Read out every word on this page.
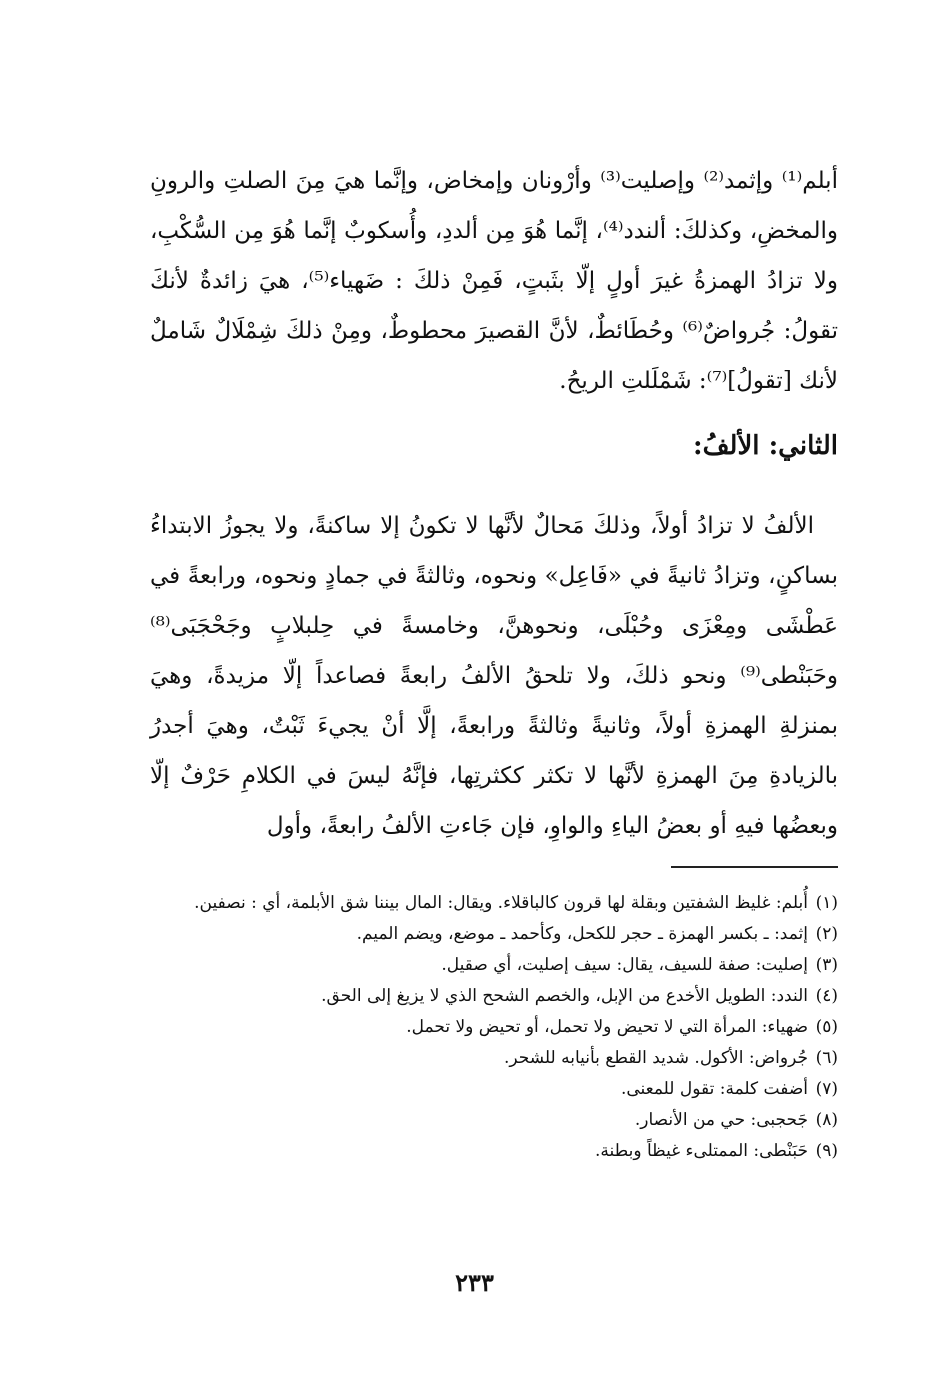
أبلم⁽¹⁾ وإثمد⁽²⁾ وإصليت⁽³⁾ وأرْونان وإمخاض، وإنَّما هيَ مِنَ الصلتِ والرونِ والمخضِ، وكذلكَ: ألندد⁽⁴⁾، إنَّما هُوَ مِن ألددِ، وأُسكوبٌ إنَّما هُوَ مِن السُّكْبِ، ولا تزادُ الهمزةُ غيرَ أولٍ إلّا بثَبتٍ، فَمِنْ ذلكَ : ضَهياء⁽⁵⁾، هيَ زائدةٌ لأنكَ تقولُ: جُرواضٌ⁽⁶⁾ وحُطَائطٌ، لأنَّ القصيرَ محطوطٌ، ومِنْ ذلكَ شِمْلَالٌ شَاملٌ لأنك [تقولُ]⁽⁷⁾: شَمْلَلتِ الريحُ.

الثاني: الألفُ:

الألفُ لا تزادُ أولاً، وذلكَ مَحالٌ لأنَّها لا تكونُ إلا ساكنةً، ولا يجوزُ الابتداءُ بساكنٍ، وتزادُ ثانيةً في «فَاعِل» ونحوه، وثالثةً في جمادٍ ونحوه، ورابعةً في عَطْشَى ومِعْزَى وحُبْلَى، ونحوهنَّ، وخامسةً في حِلبلابٍ وجَحْجَبَى⁽⁸⁾ وحَبَنْطى⁽⁹⁾ ونحو ذلكَ، ولا تلحقُ الألفُ رابعةً فصاعداً إلّا مزيدةً، وهيَ بمنزلةِ الهمزةِ أولاً، وثانيةً وثالثةً ورابعةً، إلَّا أنْ يجيءَ ثَبْتٌ، وهيَ أجدرُ بالزيادةِ مِنَ الهمزةِ لأنَّها لا تكثر ككثرتِها، فإنَّهُ ليسَ في الكلامِ حَرْفٌ إلّا وبعضُها فيهِ أو بعضُ الياءِ والواوِ، فإن جَاءتِ الألفُ رابعةً، وأول

(١)
أُبلم: غليظ الشفتين وبقلة لها قرون كالباقلاء. ويقال: المال بيننا شق الأبلمة، أي : نصفين.
(٢)
إثمد: ـ بكسر الهمزة ـ حجر للكحل، وكأحمد ـ موضع، ويضم الميم.
(٣)
إصليت: صفة للسيف، يقال: سيف إصليت، أي صقيل.
(٤)
الندد: الطويل الأخدع من الإبل، والخصم الشحح الذي لا يزيغ إلى الحق.
(٥)
ضهياء: المرأة التي لا تحيض ولا تحمل، أو تحيض ولا تحمل.
(٦)
جُرواض: الأكول. شديد القطع بأنيابه للشحر.
(٧)
أضفت كلمة: تقول للمعنى.
(٨)
جَحجبى: حي من الأنصار.
(٩)
حَبَنْطى: الممتلىء غيظاً وبطنة.
٢٣٣
